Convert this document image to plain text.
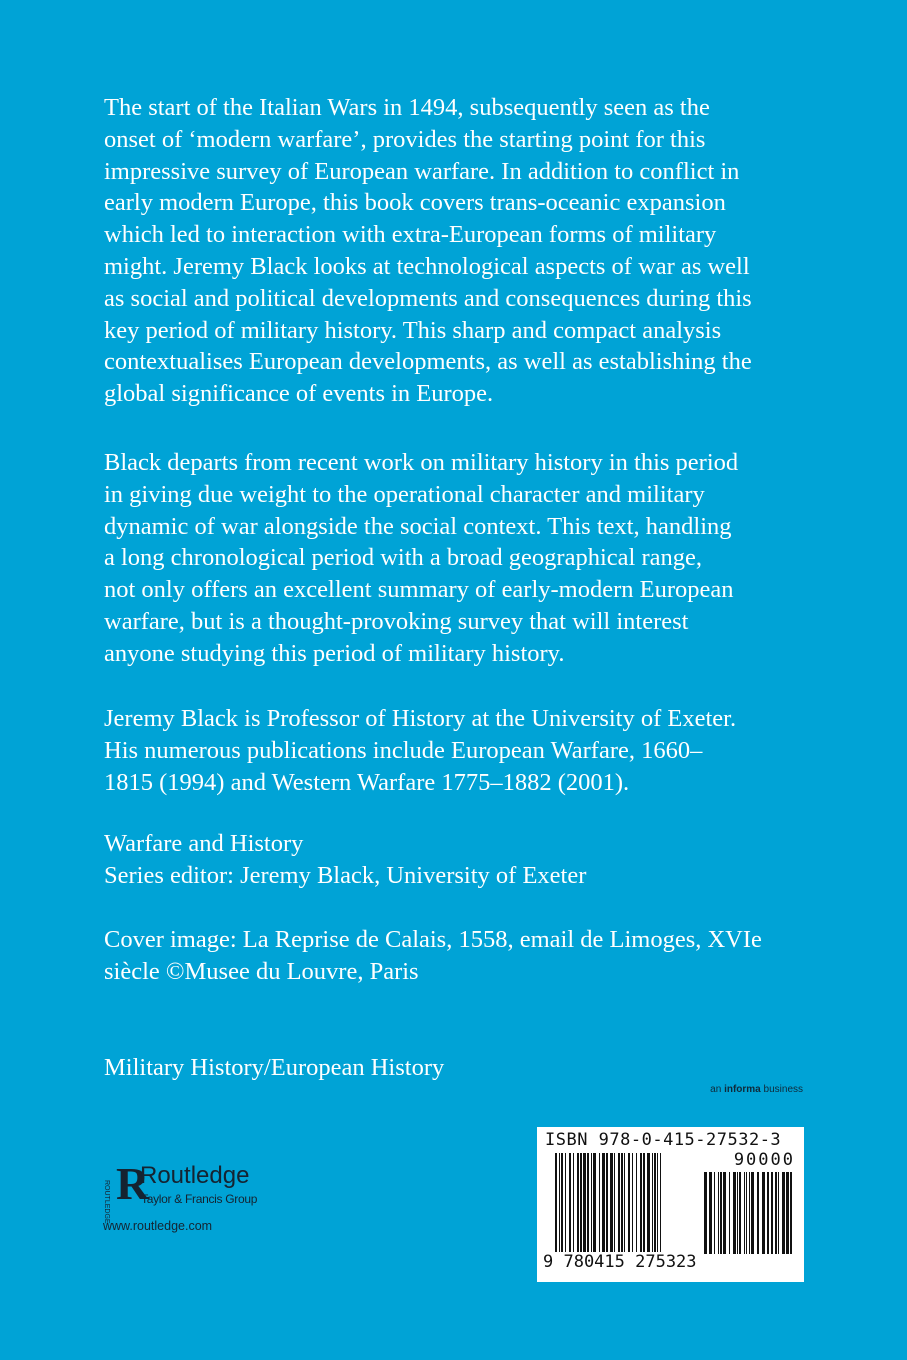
The start of the Italian Wars in 1494, subsequently seen as the
onset of ‘modern warfare’, provides the starting point for this
impressive survey of European warfare. In addition to conflict in
early modern Europe, this book covers trans-oceanic expansion
which led to interaction with extra-European forms of military
might. Jeremy Black looks at technological aspects of war as well
as social and political developments and consequences during this
key period of military history. This sharp and compact analysis
contextualises European developments, as well as establishing the
global significance of events in Europe.
Black departs from recent work on military history in this period
in giving due weight to the operational character and military
dynamic of war alongside the social context. This text, handling
a long chronological period with a broad geographical range,
not only offers an excellent summary of early-modern European
warfare, but is a thought-provoking survey that will interest
anyone studying this period of military history.
Jeremy Black is Professor of History at the University of Exeter.
His numerous publications include European Warfare, 1660–
1815 (1994) and Western Warfare 1775–1882 (2001).
Warfare and History
Series editor: Jeremy Black, University of Exeter
Cover image: La Reprise de Calais, 1558, email de Limoges, XVIe
siècle ©Musee du Louvre, Paris
Military History/European History
an informa business
ISBN 978-0-415-27532-3
90000
9 780415 275323
ROUTLEDGE R
Routledge
Taylor & Francis Group
www.routledge.com
